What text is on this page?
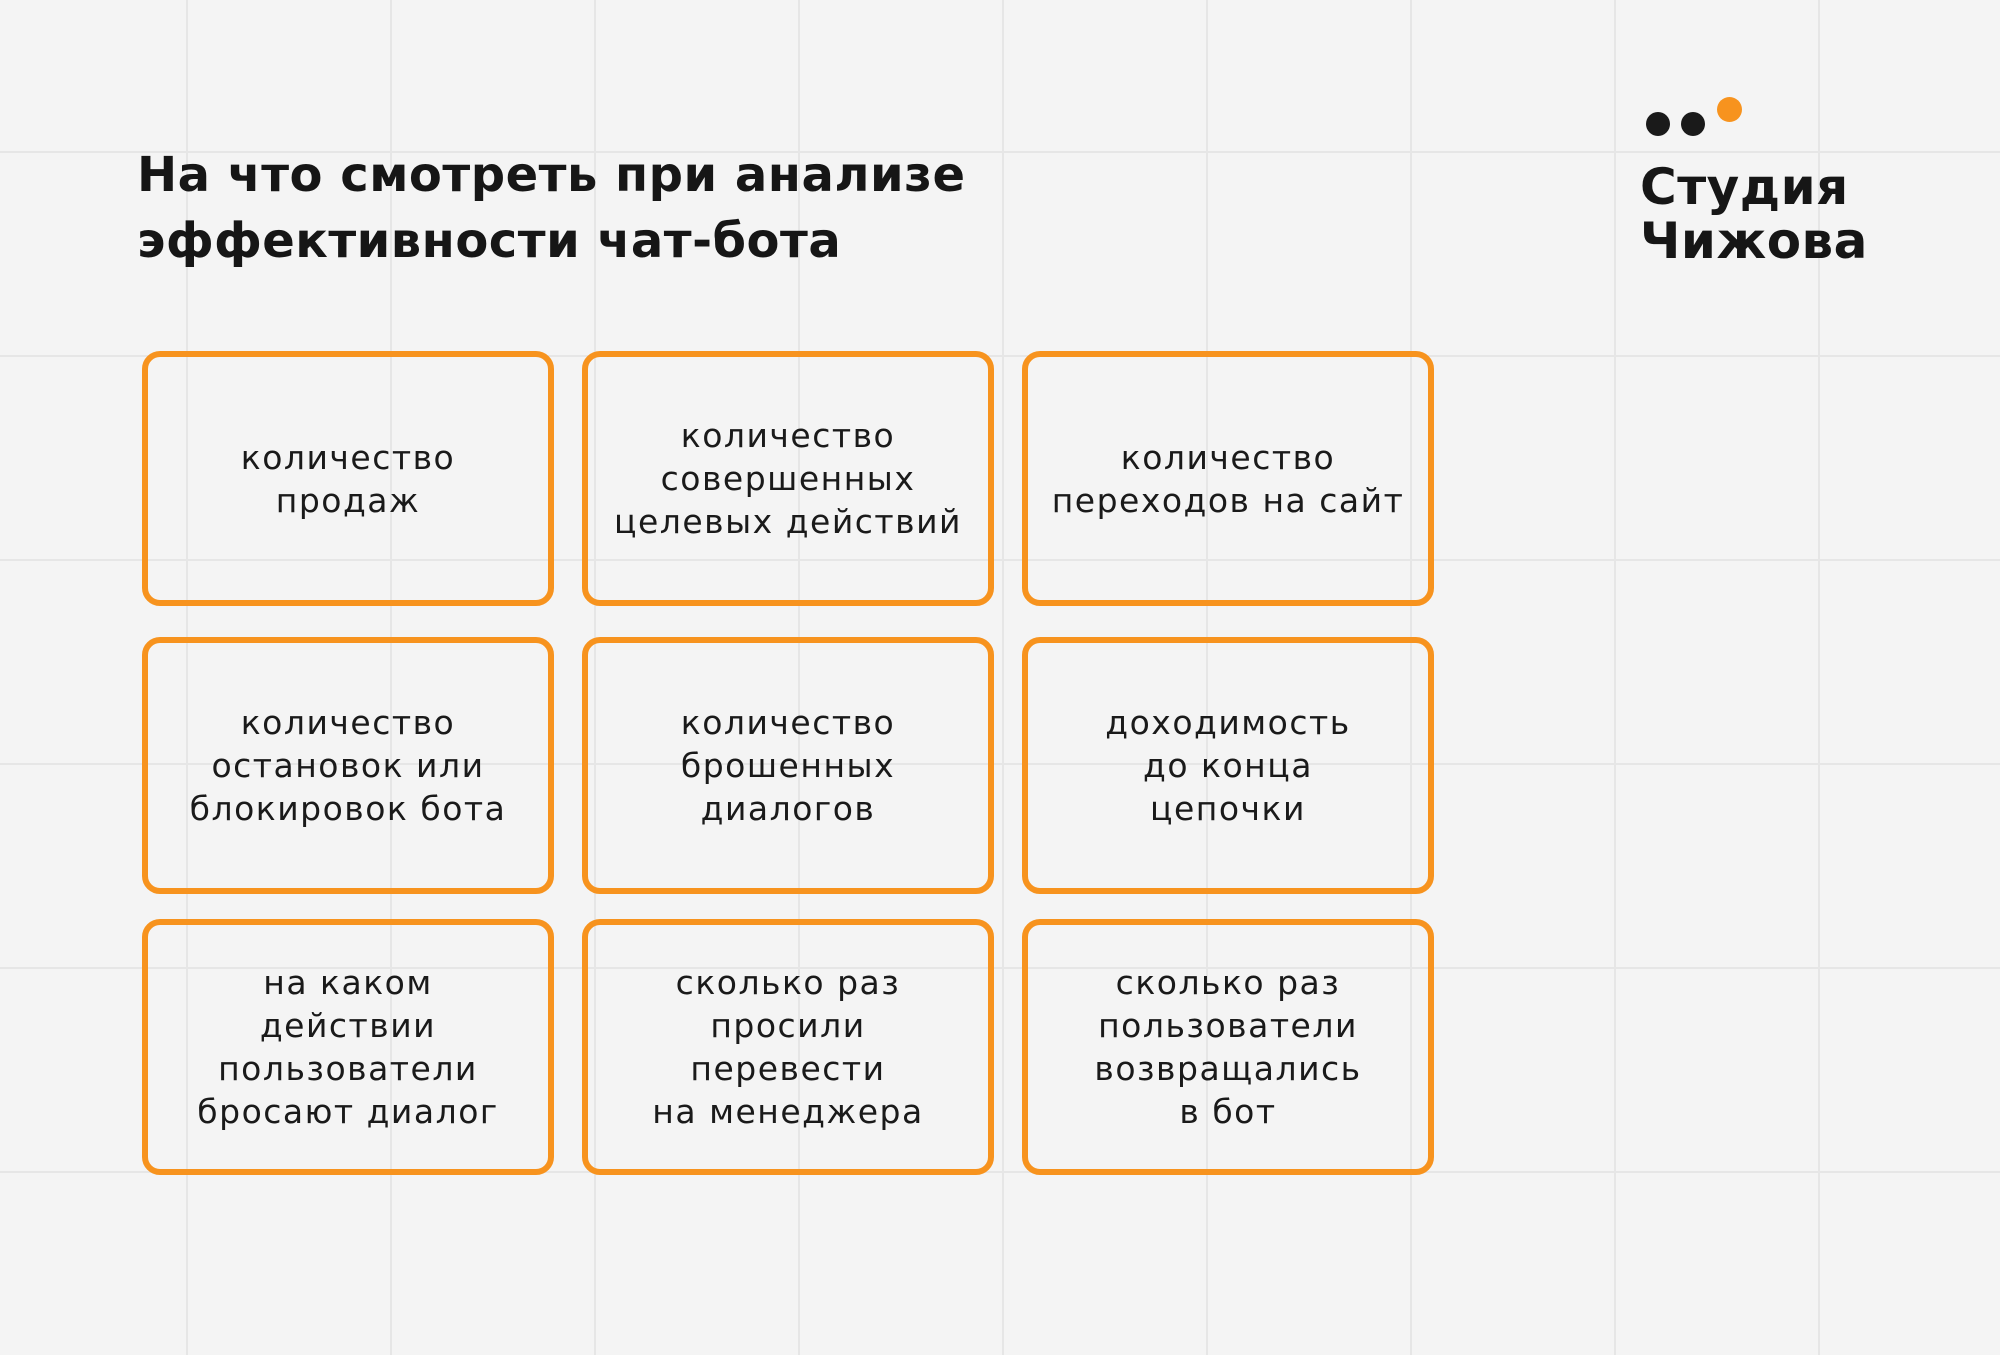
На что смотреть при анализе
эффективности чат-бота
Студия
Чижова
количество
продаж
количество
совершенных
целевых действий
количество
переходов на сайт
количество
остановок или
блокировок бота
количество
брошенных
диалогов
доходимость
до конца
цепочки
на каком
действии
пользователи
бросают диалог
сколько раз
просили
перевести
на менеджера
сколько раз
пользователи
возвращались
в бот
